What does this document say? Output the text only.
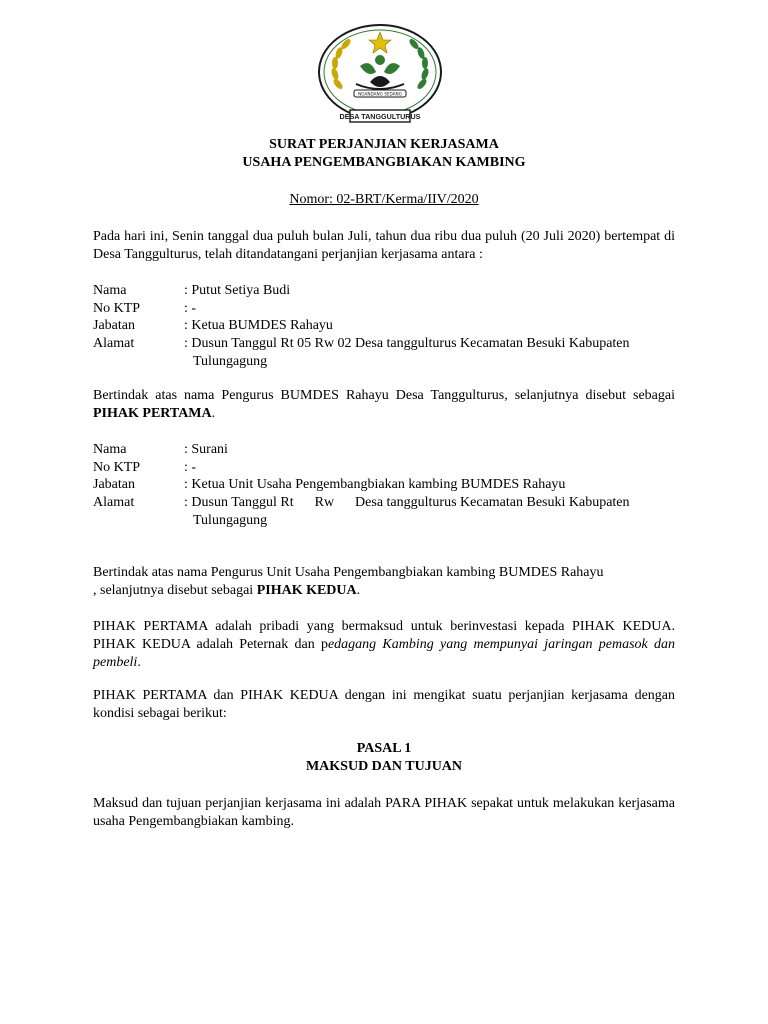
NGANDANG SEDANG
DESA TANGGULTURUS
SURAT PERJANJIAN KERJASAMA
USAHA PENGEMBANGBIAKAN KAMBING
Nomor: 02-BRT/Kerma/IIV/2020
Pada hari ini, Senin tanggal dua puluh bulan Juli, tahun dua ribu dua puluh (20 Juli 2020) bertempat di Desa Tanggulturus, telah ditandatangani perjanjian kerjasama antara :
Nama	: Putut Setiya Budi
No KTP	: -
Jabatan	: Ketua BUMDES Rahayu
Alamat	: Dusun Tanggul Rt 05 Rw 02 Desa tanggulturus Kecamatan Besuki Kabupaten
Tulungagung
Bertindak atas nama Pengurus BUMDES Rahayu Desa Tanggulturus, selanjutnya disebut sebagai PIHAK PERTAMA.
Nama	: Surani
No KTP	: -
Jabatan	: Ketua Unit Usaha Pengembangbiakan kambing BUMDES Rahayu
Alamat	: Dusun Tanggul Rt      Rw      Desa tanggulturus Kecamatan Besuki Kabupaten
Tulungagung
Bertindak atas nama Pengurus Unit Usaha Pengembangbiakan kambing BUMDES Rahayu
, selanjutnya disebut sebagai PIHAK KEDUA.
PIHAK PERTAMA adalah pribadi yang bermaksud untuk berinvestasi kepada PIHAK KEDUA. PIHAK KEDUA adalah Peternak dan pedagang Kambing yang mempunyai jaringan pemasok dan pembeli.
PIHAK PERTAMA dan PIHAK KEDUA dengan ini mengikat suatu perjanjian kerjasama dengan kondisi sebagai berikut:
PASAL 1
MAKSUD DAN TUJUAN
Maksud dan tujuan perjanjian kerjasama ini adalah PARA PIHAK sepakat untuk melakukan kerjasama usaha Pengembangbiakan kambing.
